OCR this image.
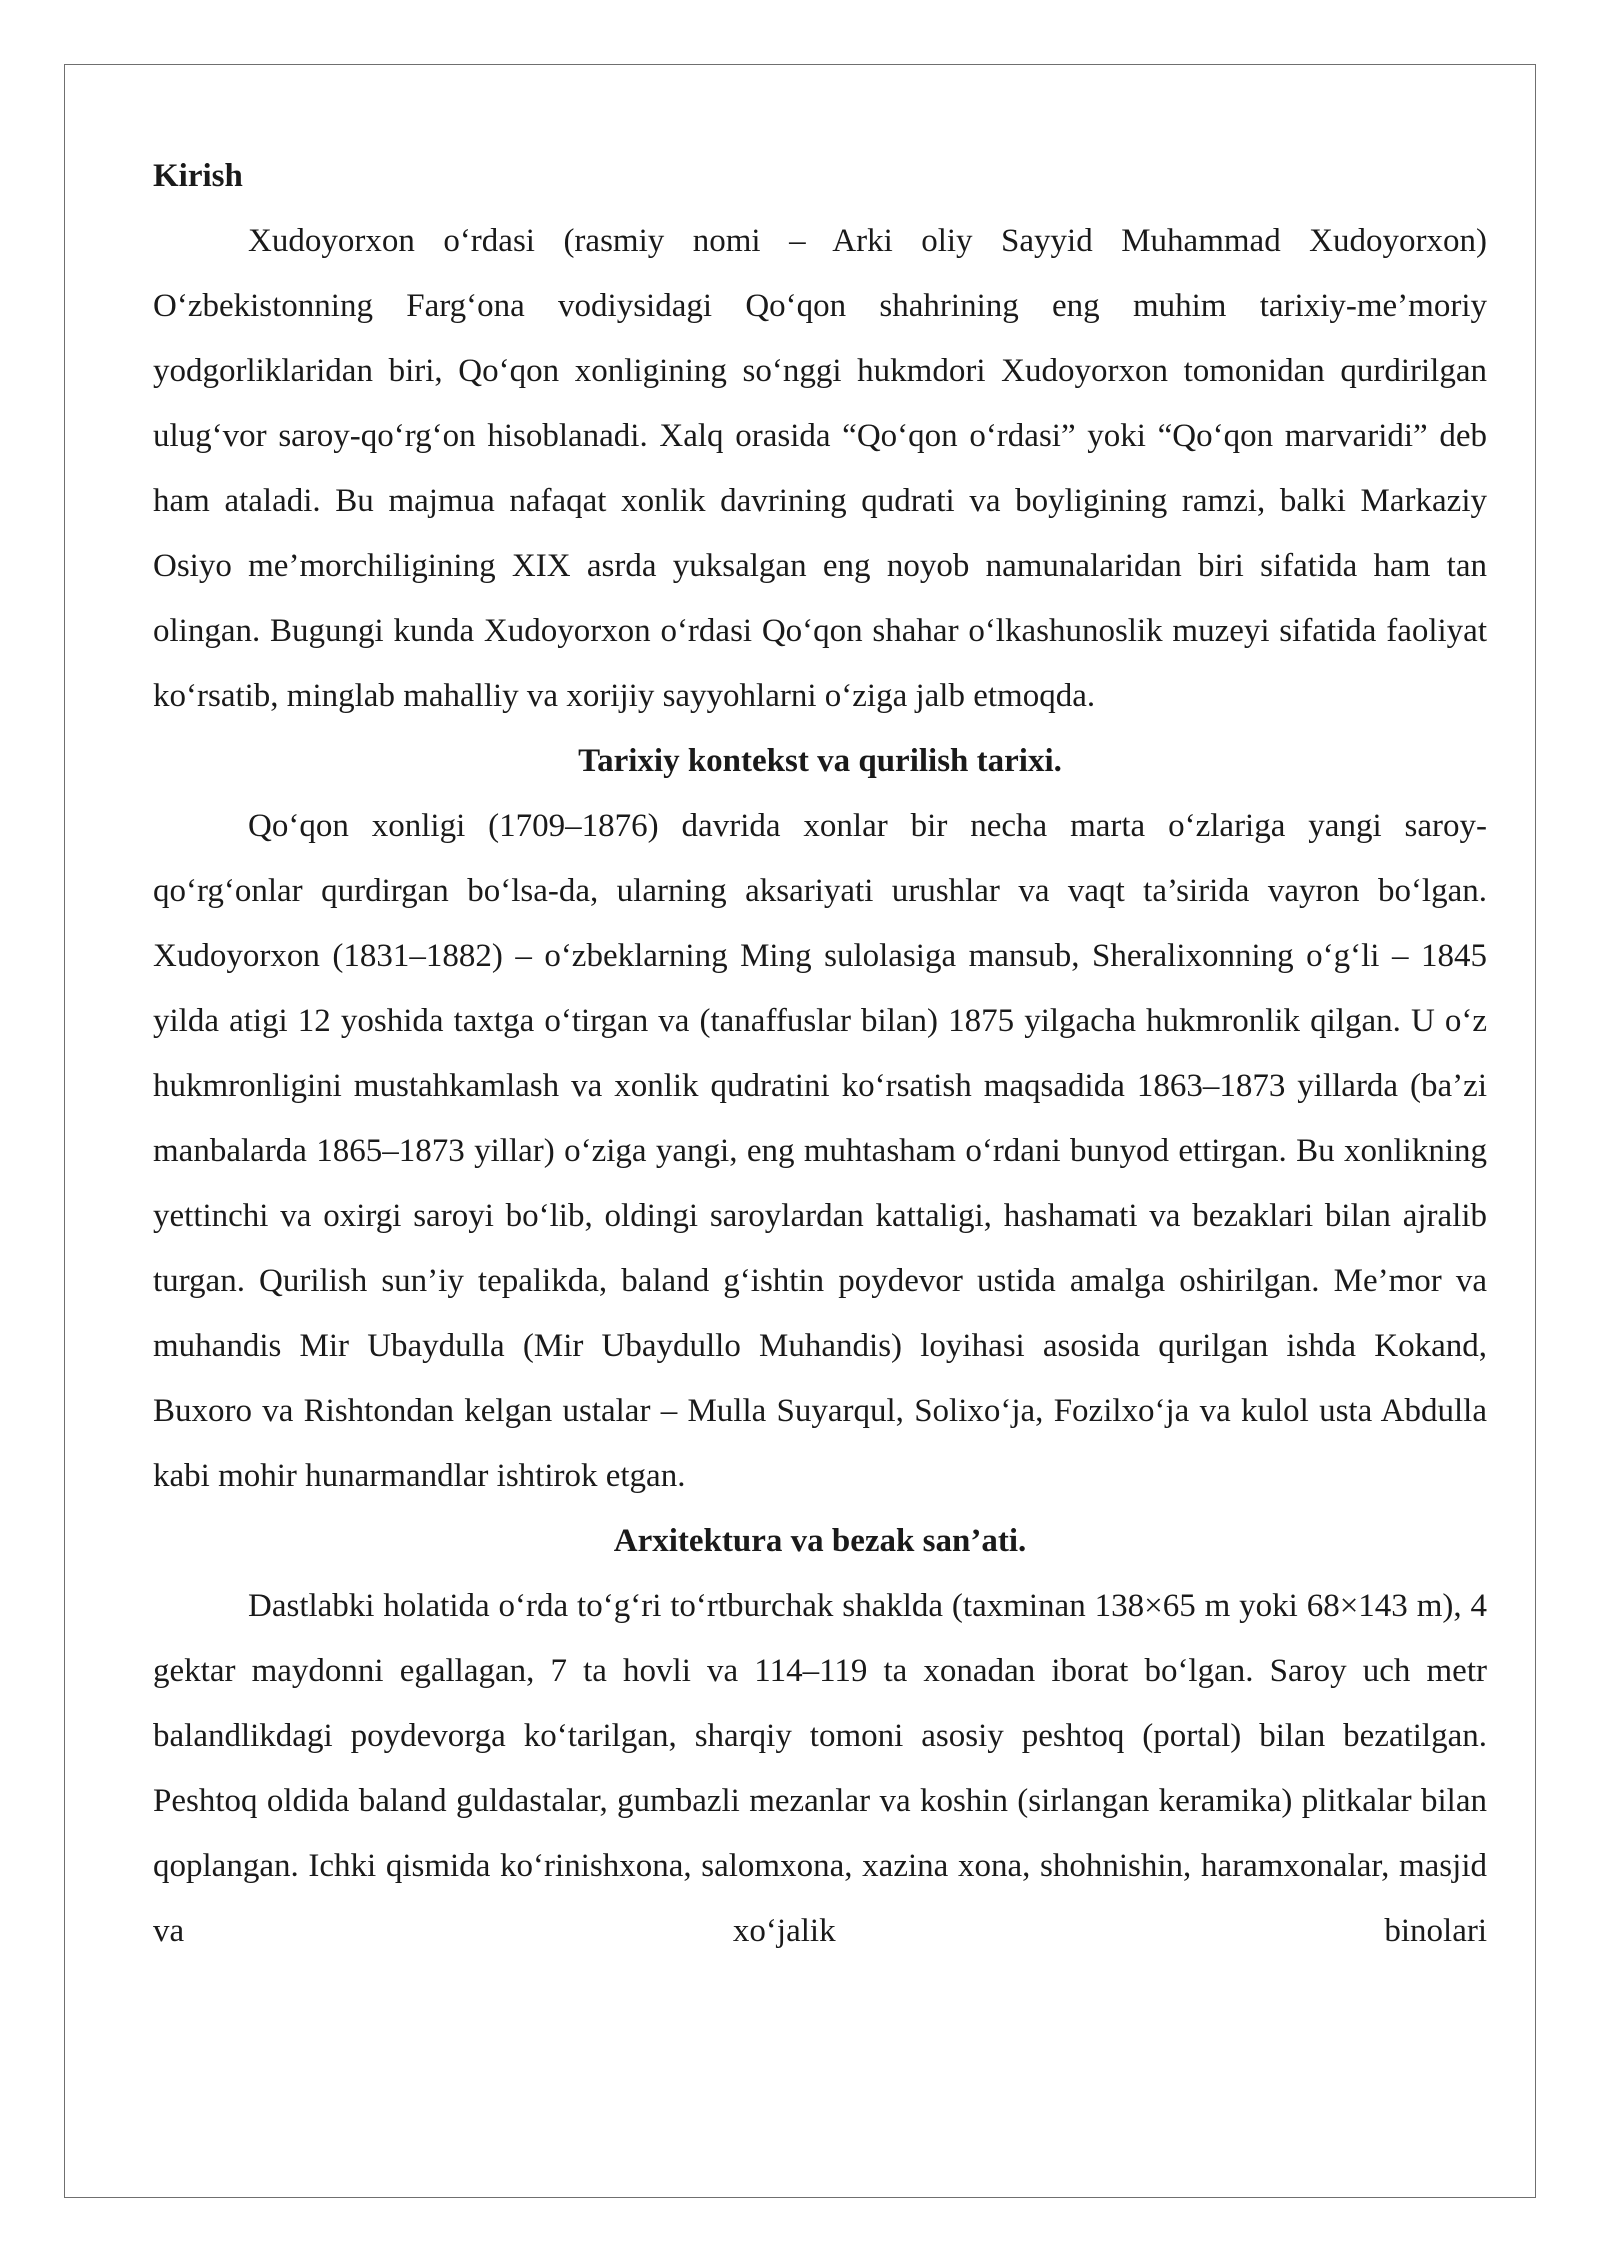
Kirish

Xudoyorxon o‘rdasi (rasmiy nomi – Arki oliy Sayyid Muhammad Xudoyorxon) O‘zbekistonning Farg‘ona vodiysidagi Qo‘qon shahrining eng muhim tarixiy-me’moriy yodgorliklaridan biri, Qo‘qon xonligining so‘nggi hukmdori Xudoyorxon tomonidan qurdirilgan ulug‘vor saroy-qo‘rg‘on hisoblanadi. Xalq orasida “Qo‘qon o‘rdasi” yoki “Qo‘qon marvaridi” deb ham ataladi. Bu majmua nafaqat xonlik davrining qudrati va boyligining ramzi, balki Markaziy Osiyo me’morchiligining XIX asrda yuksalgan eng noyob namunalaridan biri sifatida ham tan olingan. Bugungi kunda Xudoyorxon o‘rdasi Qo‘qon shahar o‘lkashunoslik muzeyi sifatida faoliyat ko‘rsatib, minglab mahalliy va xorijiy sayyohlarni o‘ziga jalb etmoqda.

Tarixiy kontekst va qurilish tarixi.

Qo‘qon xonligi (1709–1876) davrida xonlar bir necha marta o‘zlariga yangi saroy-qo‘rg‘onlar qurdirgan bo‘lsa-da, ularning aksariyati urushlar va vaqt ta’sirida vayron bo‘lgan. Xudoyorxon (1831–1882) – o‘zbeklarning Ming sulolasiga mansub, Sheralixonning o‘g‘li – 1845 yilda atigi 12 yoshida taxtga o‘tirgan va (tanaffuslar bilan) 1875 yilgacha hukmronlik qilgan. U o‘z hukmronligini mustahkamlash va xonlik qudratini ko‘rsatish maqsadida 1863–1873 yillarda (ba’zi manbalarda 1865–1873 yillar) o‘ziga yangi, eng muhtasham o‘rdani bunyod ettirgan. Bu xonlikning yettinchi va oxirgi saroyi bo‘lib, oldingi saroylardan kattaligi, hashamati va bezaklari bilan ajralib turgan. Qurilish sun’iy tepalikda, baland g‘ishtin poydevor ustida amalga oshirilgan. Me’mor va muhandis Mir Ubaydulla (Mir Ubaydullo Muhandis) loyihasi asosida qurilgan ishda Kokand, Buxoro va Rishtondan kelgan ustalar – Mulla Suyarqul, Solixo‘ja, Fozilxo‘ja va kulol usta Abdulla kabi mohir hunarmandlar ishtirok etgan.

Arxitektura va bezak san’ati.

Dastlabki holatida o‘rda to‘g‘ri to‘rtburchak shaklda (taxminan 138×65 m yoki 68×143 m), 4 gektar maydonni egallagan, 7 ta hovli va 114–119 ta xonadan iborat bo‘lgan. Saroy uch metr balandlikdagi poydevorga ko‘tarilgan, sharqiy tomoni asosiy peshtoq (portal) bilan bezatilgan. Peshtoq oldida baland guldastalar, gumbazli mezanlar va koshin (sirlangan keramika) plitkalar bilan qoplangan. Ichki qismida ko‘rinishxona, salomxona, xazina xona, shohnishin, haramxonalar, masjid va xo‘jalik binolari
